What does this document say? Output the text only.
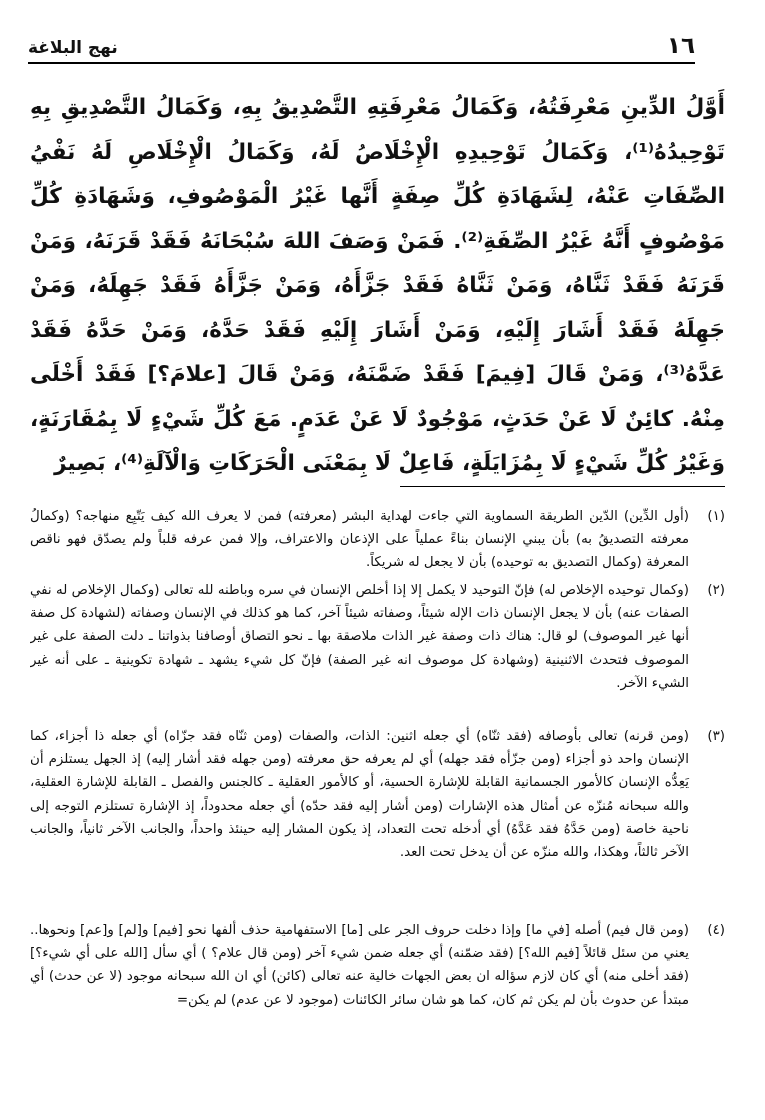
١٦
نهج البلاغة

أَوَّلُ الدِّينِ مَعْرِفَتُهُ، وَكَمَالُ مَعْرِفَتِهِ التَّصْدِيقُ بِهِ، وَكَمَالُ التَّصْدِيقِ بِهِ تَوْحِيدُهُ⁽¹⁾، وَكَمَالُ تَوْحِيدِهِ الْإِخْلَاصُ لَهُ، وَكَمَالُ الْإِخْلَاصِ لَهُ نَفْيُ الصِّفَاتِ عَنْهُ، لِشَهَادَةِ كُلِّ صِفَةٍ أَنَّها غَيْرُ الْمَوْصُوفِ، وَشَهَادَةِ كُلِّ مَوْصُوفٍ أَنَّهُ غَيْرُ الصِّفَةِ⁽²⁾. فَمَنْ وَصَفَ اللهَ سُبْحَانَهُ فَقَدْ قَرَنَهُ، وَمَنْ قَرَنَهُ فَقَدْ ثَنَّاهُ، وَمَنْ ثَنَّاهُ فَقَدْ جَزَّأَهُ، وَمَنْ جَزَّأَهُ فَقَدْ جَهِلَهُ، وَمَنْ جَهِلَهُ فَقَدْ أَشَارَ إِلَيْهِ، وَمَنْ أَشَارَ إِلَيْهِ فَقَدْ حَدَّهُ، وَمَنْ حَدَّهُ فَقَدْ عَدَّهُ⁽³⁾، وَمَنْ قَالَ [فِيمَ] فَقَدْ ضَمَّنَهُ، وَمَنْ قَالَ [علامَ؟] فَقَدْ أَخْلَى مِنْهُ. كائِنٌ لَا عَنْ حَدَثٍ، مَوْجُودٌ لَا عَنْ عَدَمٍ. مَعَ كُلِّ شَيْءٍ لَا بِمُقَارَنَةٍ، وَغَيْرُ كُلِّ شَيْءٍ لَا بِمُزَايَلَةٍ، فَاعِلٌ لَا بِمَعْنَى الْحَرَكَاتِ وَالْآلَةِ⁽⁴⁾، بَصِيرٌ

(١)
(أول الدِّين) الدّين الطريقة السماوية التي جاءت لهداية البشر (معرفته) فمن لا يعرف الله كيف يَتّبِع منهاجه؟ (وكمالُ معرفته التصديقُ به) بأن يبني الإنسان بناءً عملياً على الإذعان والاعتراف، وإلا فمن عرفه قلباً ولم يصدّق فهو ناقص المعرفة (وكمال التصديق به توحيده) بأن لا يجعل له شريكاً.
(٢)
(وكمال توحيده الإخلاص له) فإنّ التوحيد لا يكمل إلا إذا أخلص الإنسان في سره وباطنه لله تعالى (وكمال الإخلاص له نفي الصفات عنه) بأن لا يجعل الإنسان ذات الإله شيئاً، وصفاته شيئاً آخر، كما هو كذلك في الإنسان وصفاته (لشهادة كل صفة أنها غير الموصوف) لو قال: هناك ذات وصفة غير الذات ملاصقة بها ـ نحو التصاق أوصافنا بذواتنا ـ دلت الصفة على غير الموصوف فتحدث الاثنينية (وشهادة كل موصوف انه غير الصفة) فإنّ كل شيء يشهد ـ شهادة تكوينية ـ على أنه غير الشيء الآخر.
(٣)
(ومن قرنه) تعالى بأوصافه (فقد ثنّاه) أي جعله اثنين: الذات، والصفات (ومن ثنّاه فقد جزّاه) أي جعله ذا أجزاء، كما الإنسان واحد ذو أجزاء (ومن جزّأه فقد جهله) أي لم يعرفه حق معرفته (ومن جهله فقد أشار إليه) إذ الجهل يستلزم أن يَعِدُّه الإنسان كالأمور الجسمانية القابلة للإشارة الحسية، أو كالأمور العقلية ـ كالجنس والفصل ـ القابلة للإشارة العقلية، والله سبحانه مُنزّه عن أمثال هذه الإشارات (ومن أشار إليه فقد حدّه) أي جعله محدوداً، إذ الإشارة تستلزم التوجه إلى ناحية خاصة (ومن حَدَّهُ فقد عَدَّهُ) أي أدخله تحت التعداد، إذ يكون المشار إليه حينئذ واحداً، والجانب الآخر ثانياً، والجانب الآخر ثالثاً، وهكذا، والله منزّه عن أن يدخل تحت العد.
(٤)
(ومن قال فيم) أصله [في ما] وإذا دخلت حروف الجر على [ما] الاستفهامية حذف ألفها نحو [فيم] و[لم] و[عم] ونحوها.. يعني من سئل قائلاً [فيم الله؟] (فقد ضمّنه) أي جعله ضمن شيء آخر (ومن قال علام؟ ) أي سأل [الله على أي شيء؟] (فقد أخلى منه) أي كان لازم سؤاله ان بعض الجهات خالية عنه تعالى (كائن) أي ان الله سبحانه موجود (لا عن حدث) أي مبتدأ عن حدوث بأن لم يكن ثم كان، كما هو شان سائر الكائنات (موجود لا عن عدم) لم يكن=
